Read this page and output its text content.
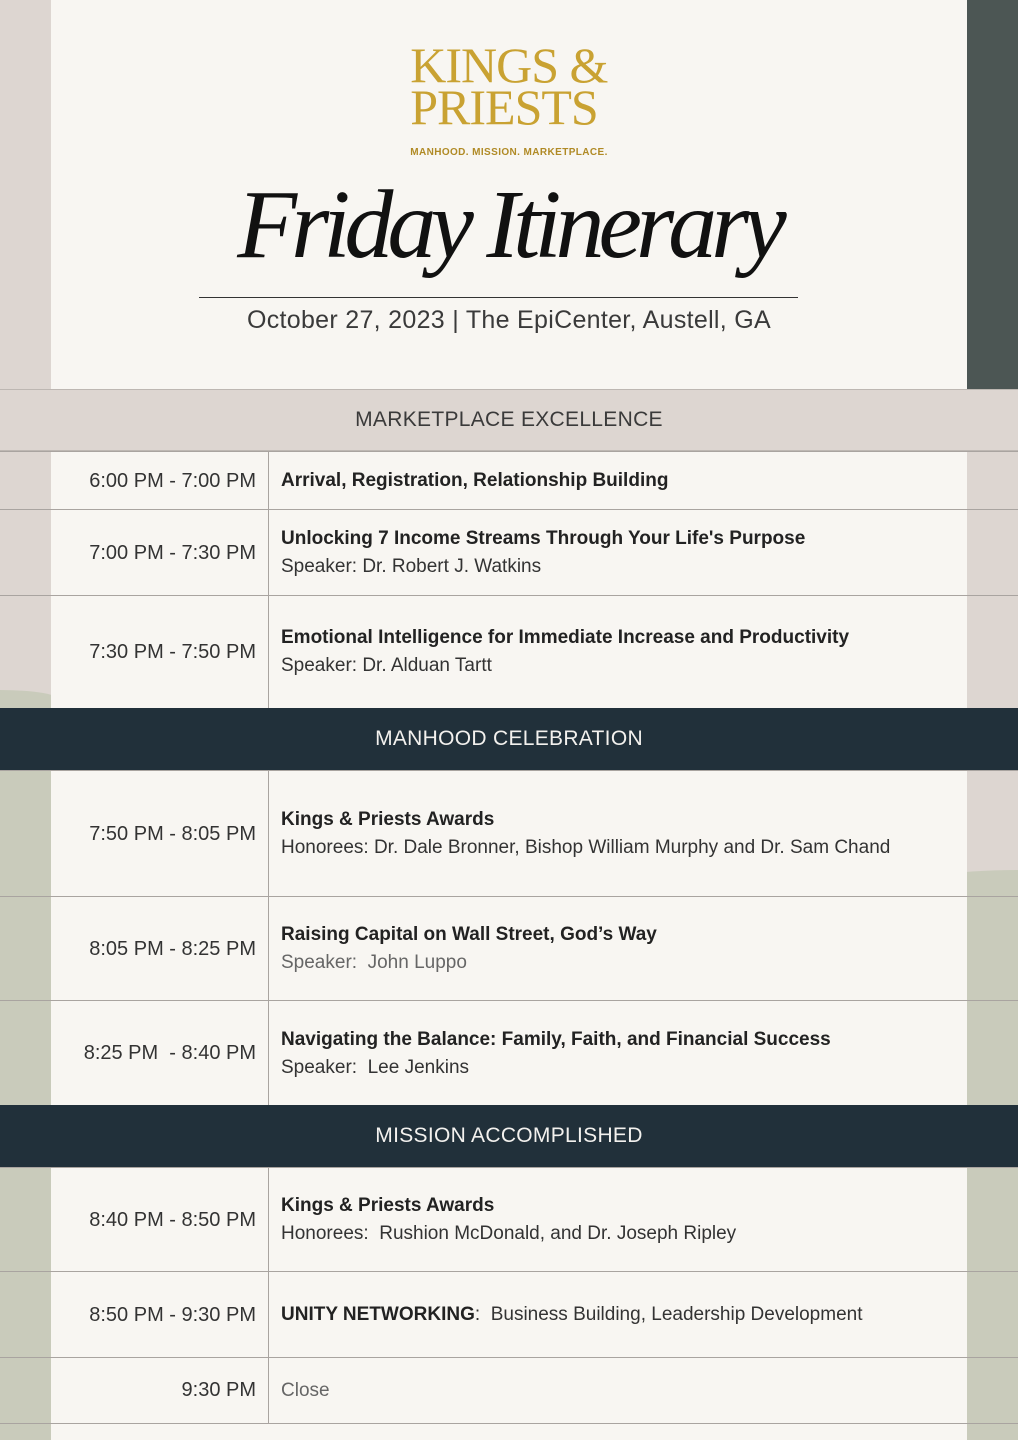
KINGS &
PRIESTS
MANHOOD. MISSION. MARKETPLACE.
Friday Itinerary
October 27, 2023 | The EpiCenter, Austell, GA
MARKETPLACE EXCELLENCE
6:00 PM - 7:00 PM Arrival, Registration, Relationship Building
7:00 PM - 7:30 PM
Unlocking 7 Income Streams Through Your Life's Purpose
Speaker: Dr. Robert J. Watkins
7:30 PM - 7:50 PM
Emotional Intelligence for Immediate Increase and Productivity
Speaker: Dr. Alduan Tartt
MANHOOD CELEBRATION
7:50 PM - 8:05 PM
Kings & Priests Awards
Honorees: Dr. Dale Bronner, Bishop William Murphy and Dr. Sam Chand
8:05 PM - 8:25 PM
Raising Capital on Wall Street, God’s Way
Speaker:  John Luppo
8:25 PM  - 8:40 PM
Navigating the Balance: Family, Faith, and Financial Success
Speaker:  Lee Jenkins
MISSION ACCOMPLISHED
8:40 PM - 8:50 PM
Kings & Priests Awards
Honorees:  Rushion McDonald, and Dr. Joseph Ripley
8:50 PM - 9:30 PM UNITY NETWORKING:  Business Building, Leadership Development
9:30 PM Close
